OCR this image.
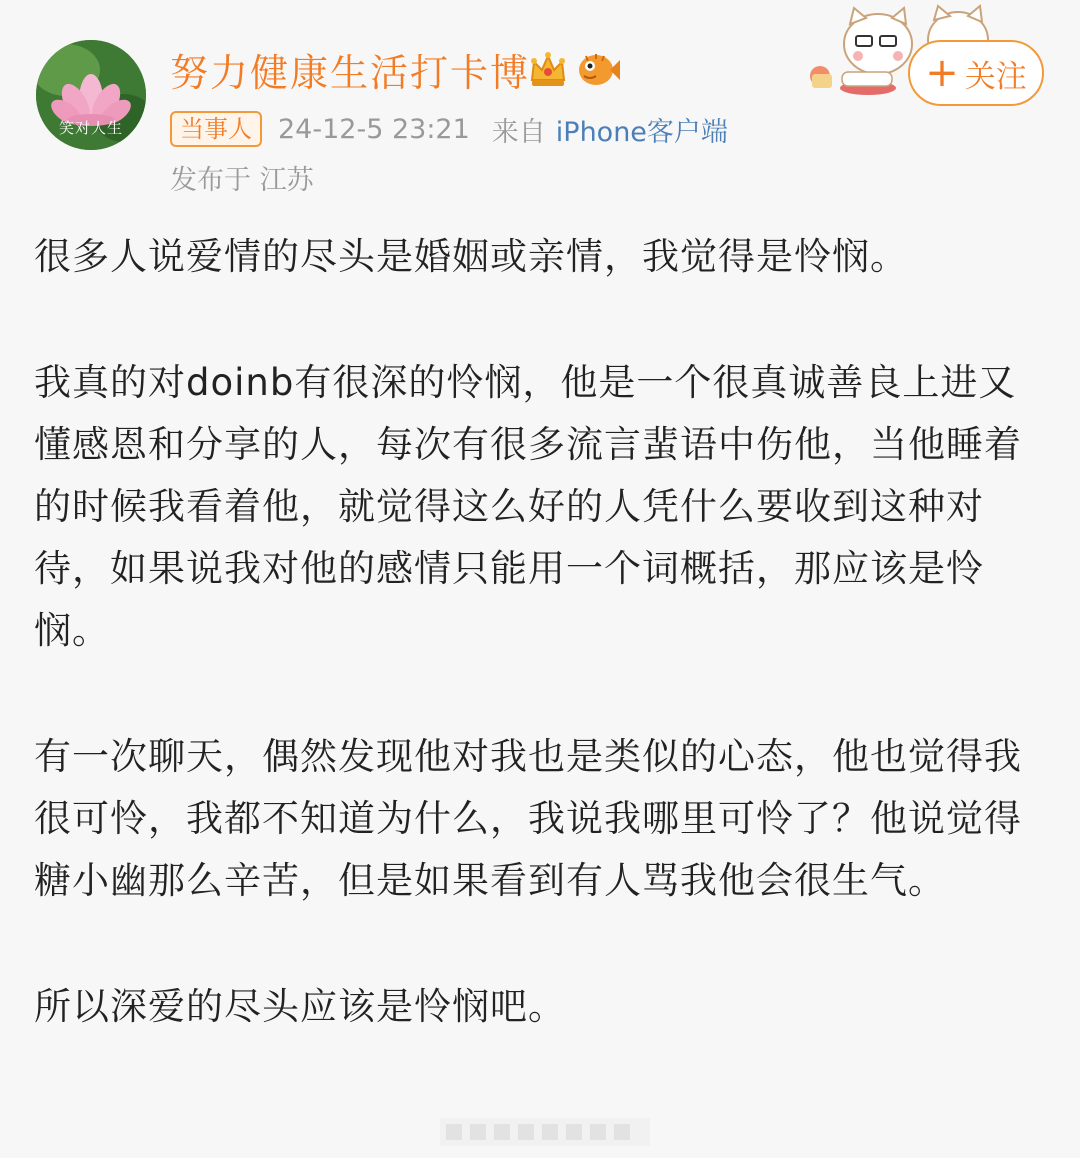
笑对人生
努力健康生活打卡博
当事人 24-12-5 23:21 来自 iPhone客户端
发布于 江苏
+ 关注

很多人说爱情的尽头是婚姻或亲情，我觉得是怜悯。

我真的对doinb有很深的怜悯，他是一个很真诚善良上进又懂感恩和分享的人，每次有很多流言蜚语中伤他，当他睡着的时候我看着他，就觉得这么好的人凭什么要收到这种对待，如果说我对他的感情只能用一个词概括，那应该是怜悯。

有一次聊天，偶然发现他对我也是类似的心态，他也觉得我很可怜，我都不知道为什么，我说我哪里可怜了？他说觉得糖小幽那么辛苦，但是如果看到有人骂我他会很生气。

所以深爱的尽头应该是怜悯吧。
